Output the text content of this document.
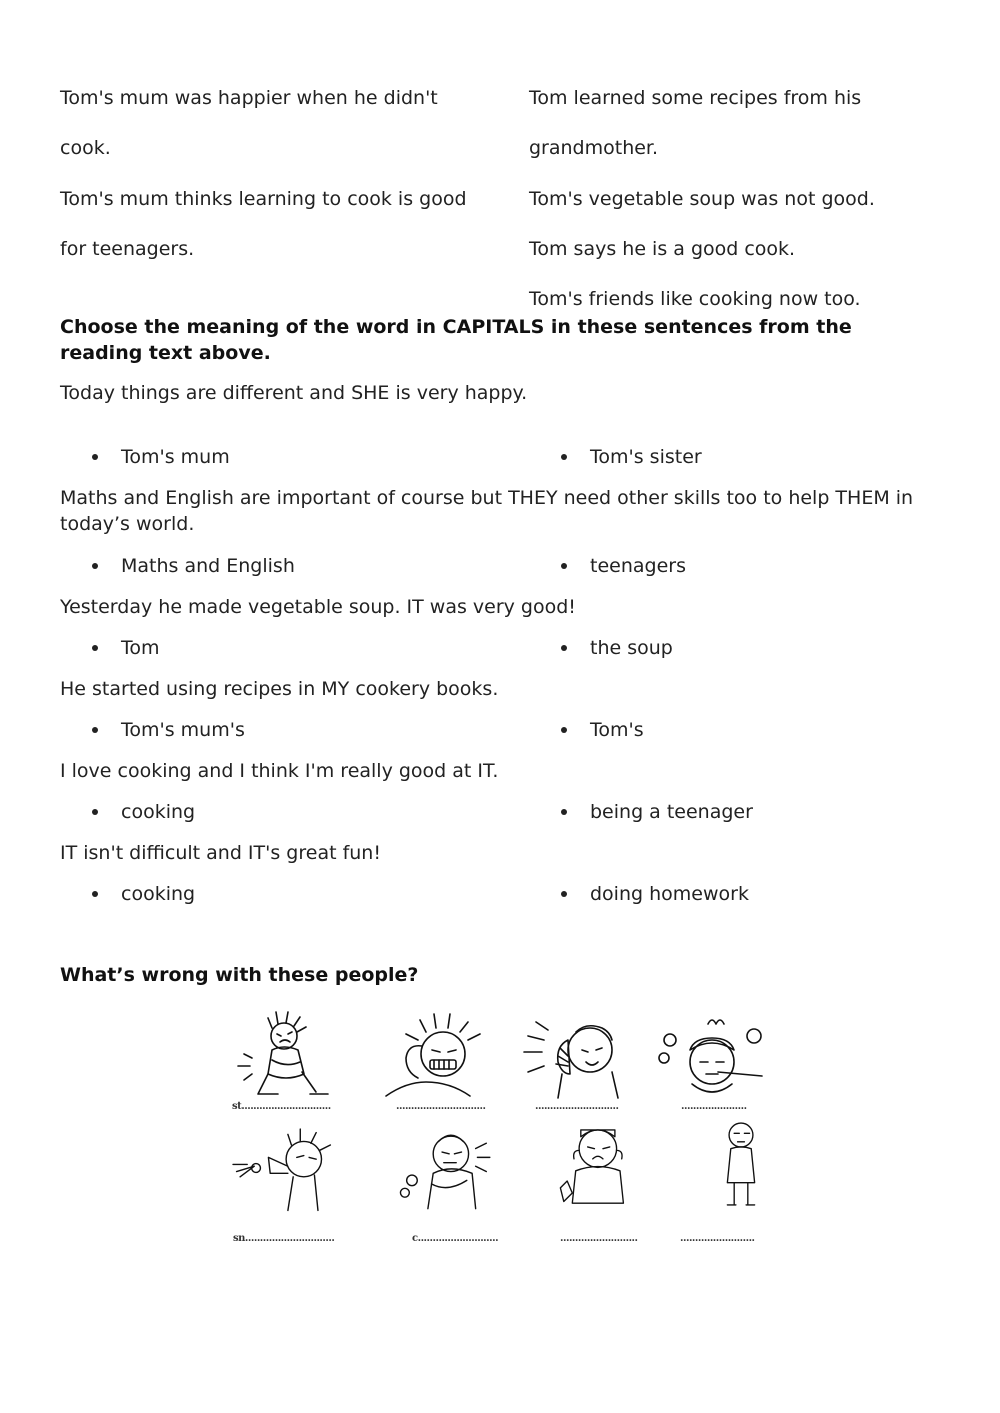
Tom's mum was happier when he didn't
cook.
Tom's mum thinks learning to cook is good
for teenagers.
Tom learned some recipes from his
grandmother.
Tom's vegetable soup was not good.
Tom says he is a good cook.
Tom's friends like cooking now too.
Choose the meaning of the word in CAPITALS in these sentences from the reading text above.
Today things are different and SHE is very happy.
Tom's mum	Tom's sister
Maths and English are important of course but THEY need other skills too to help THEM in today’s world.
Maths and English	teenagers
Yesterday he made vegetable soup. IT was very good!
Tom	the soup
He started using recipes in MY cookery books.
Tom's mum's	Tom's
I love cooking and I think I'm really good at IT.
cooking	being a teenager
IT isn't difficult and IT's great fun!
cooking	doing homework
What’s wrong with these people?
st..............................	..............................	............................	......................
sn..............................	c...........................	..........................	.........................
